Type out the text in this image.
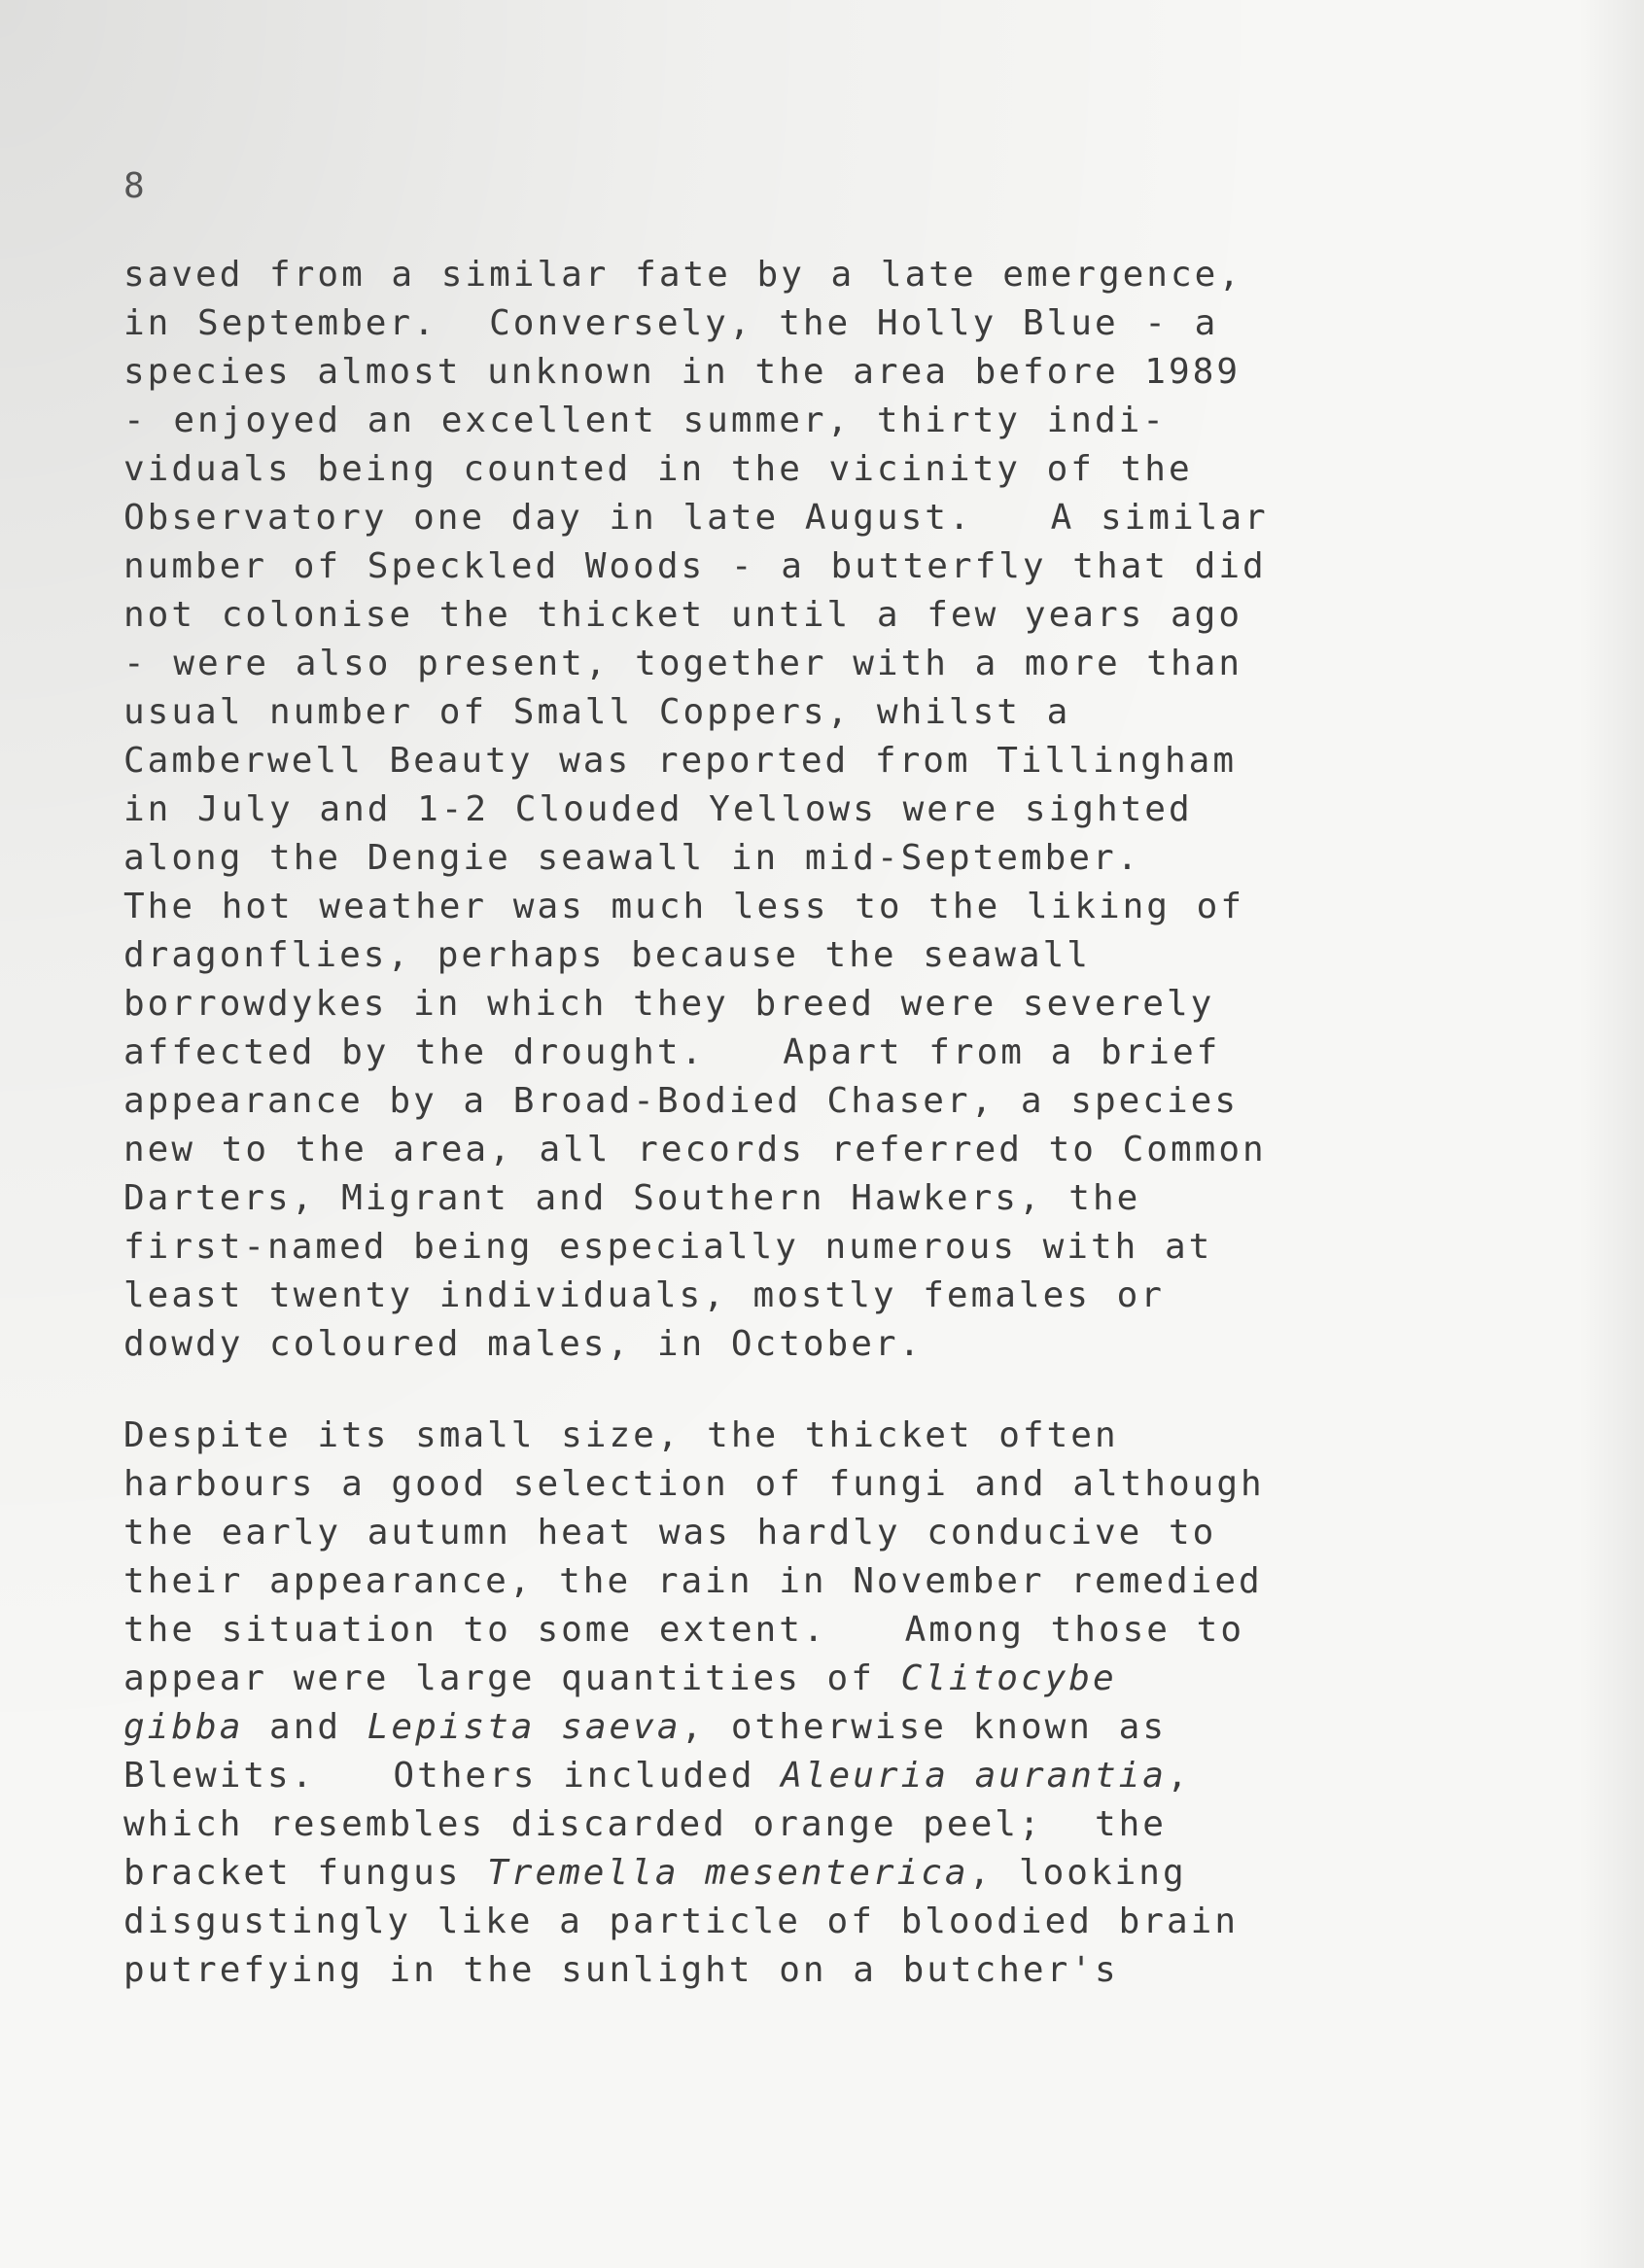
8
saved from a similar fate by a late emergence,
in September.  Conversely, the Holly Blue - a
species almost unknown in the area before 1989
- enjoyed an excellent summer, thirty indi-
viduals being counted in the vicinity of the
Observatory one day in late August.   A similar
number of Speckled Woods - a butterfly that did
not colonise the thicket until a few years ago
- were also present, together with a more than
usual number of Small Coppers, whilst a
Camberwell Beauty was reported from Tillingham
in July and 1-2 Clouded Yellows were sighted
along the Dengie seawall in mid-September.
The hot weather was much less to the liking of
dragonflies, perhaps because the seawall
borrowdykes in which they breed were severely
affected by the drought.   Apart from a brief
appearance by a Broad-Bodied Chaser, a species
new to the area, all records referred to Common
Darters, Migrant and Southern Hawkers, the
first-named being especially numerous with at
least twenty individuals, mostly females or
dowdy coloured males, in October.
Despite its small size, the thicket often
harbours a good selection of fungi and although
the early autumn heat was hardly conducive to
their appearance, the rain in November remedied
the situation to some extent.   Among those to
appear were large quantities of Clitocybe
gibba and Lepista saeva, otherwise known as
Blewits.   Others included Aleuria aurantia,
which resembles discarded orange peel;  the
bracket fungus Tremella mesenterica, looking
disgustingly like a particle of bloodied brain
putrefying in the sunlight on a butcher's
